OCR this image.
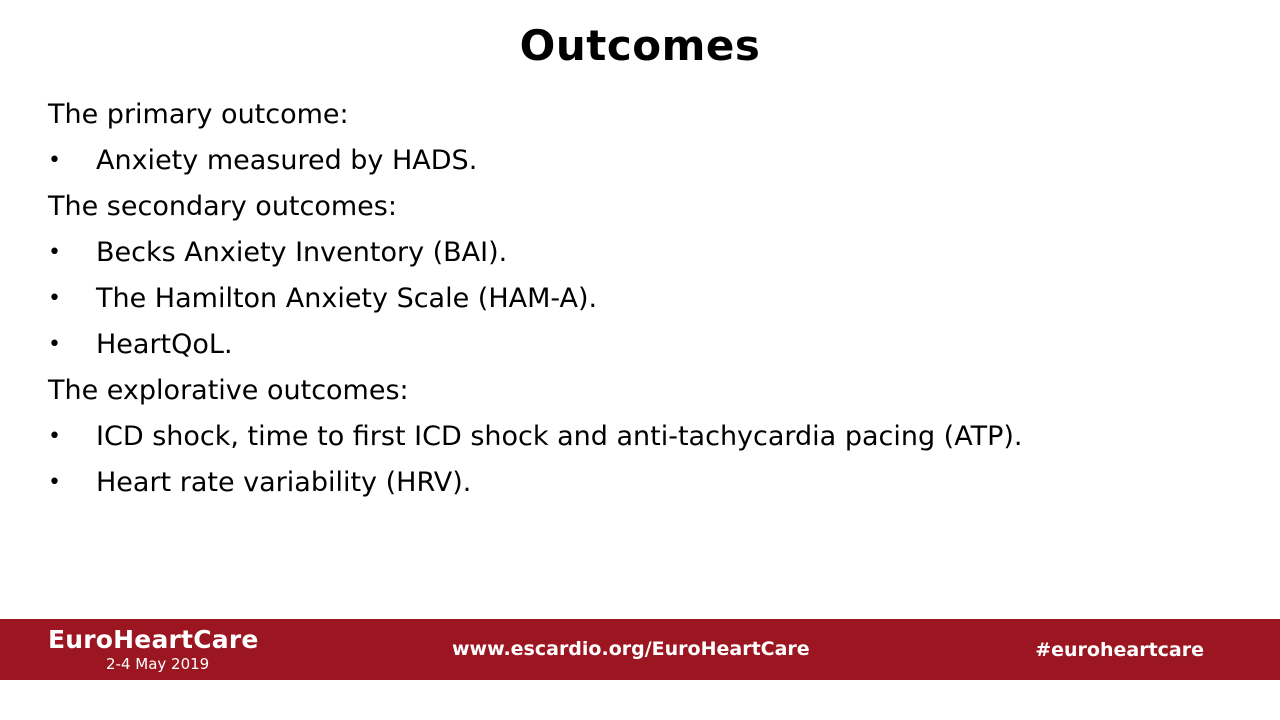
Outcomes
The primary outcome:
• Anxiety measured by HADS.
The secondary outcomes:
• Becks Anxiety Inventory (BAI).
• The Hamilton Anxiety Scale (HAM-A).
• HeartQoL.
The explorative outcomes:
• ICD shock, time to first ICD shock and anti-tachycardia pacing (ATP).
• Heart rate variability (HRV).
EuroHeartCare
2-4 May 2019
www.escardio.org/EuroHeartCare	#euroheartcare
